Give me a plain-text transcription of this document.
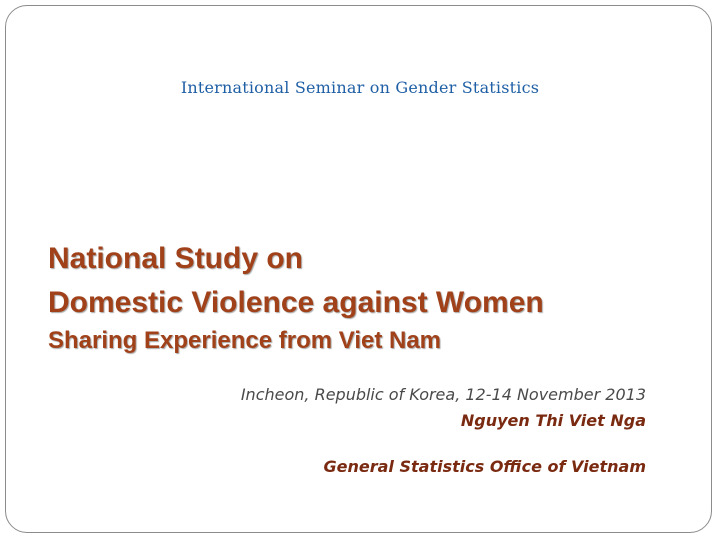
International Seminar on Gender Statistics
National Study on
Domestic Violence against Women
Sharing Experience from Viet Nam
Incheon, Republic of Korea, 12-14 November 2013
Nguyen Thi Viet Nga
General Statistics Office of Vietnam
